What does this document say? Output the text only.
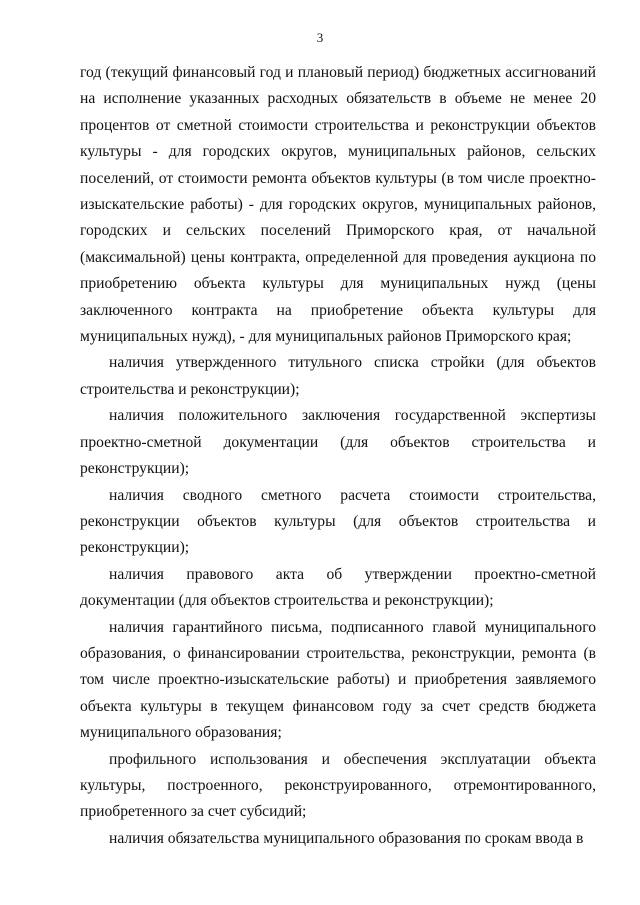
3

год (текущий финансовый год и плановый период) бюджетных ассигнований на исполнение указанных расходных обязательств в объеме не менее 20 процентов от сметной стоимости строительства и реконструкции объектов культуры - для городских округов, муниципальных районов, сельских поселений, от стоимости ремонта объектов культуры (в том числе проектно-изыскательские работы) - для городских округов, муниципальных районов, городских и сельских поселений Приморского края, от начальной (максимальной) цены контракта, определенной для проведения аукциона по приобретению объекта культуры для муниципальных нужд (цены заключенного контракта на приобретение объекта культуры для муниципальных нужд), - для муниципальных районов Приморского края;

наличия утвержденного титульного списка стройки (для объектов строительства и реконструкции);

наличия положительного заключения государственной экспертизы проектно-сметной документации (для объектов строительства и реконструкции);

наличия сводного сметного расчета стоимости строительства, реконструкции объектов культуры (для объектов строительства и реконструкции);

наличия правового акта об утверждении проектно-сметной документации (для объектов строительства и реконструкции);

наличия гарантийного письма, подписанного главой муниципального образования, о финансировании строительства, реконструкции, ремонта (в том числе проектно-изыскательские работы) и приобретения заявляемого объекта культуры в текущем финансовом году за счет средств бюджета муниципального образования;

профильного использования и обеспечения эксплуатации объекта культуры, построенного, реконструированного, отремонтированного, приобретенного за счет субсидий;

наличия обязательства муниципального образования по срокам ввода в
